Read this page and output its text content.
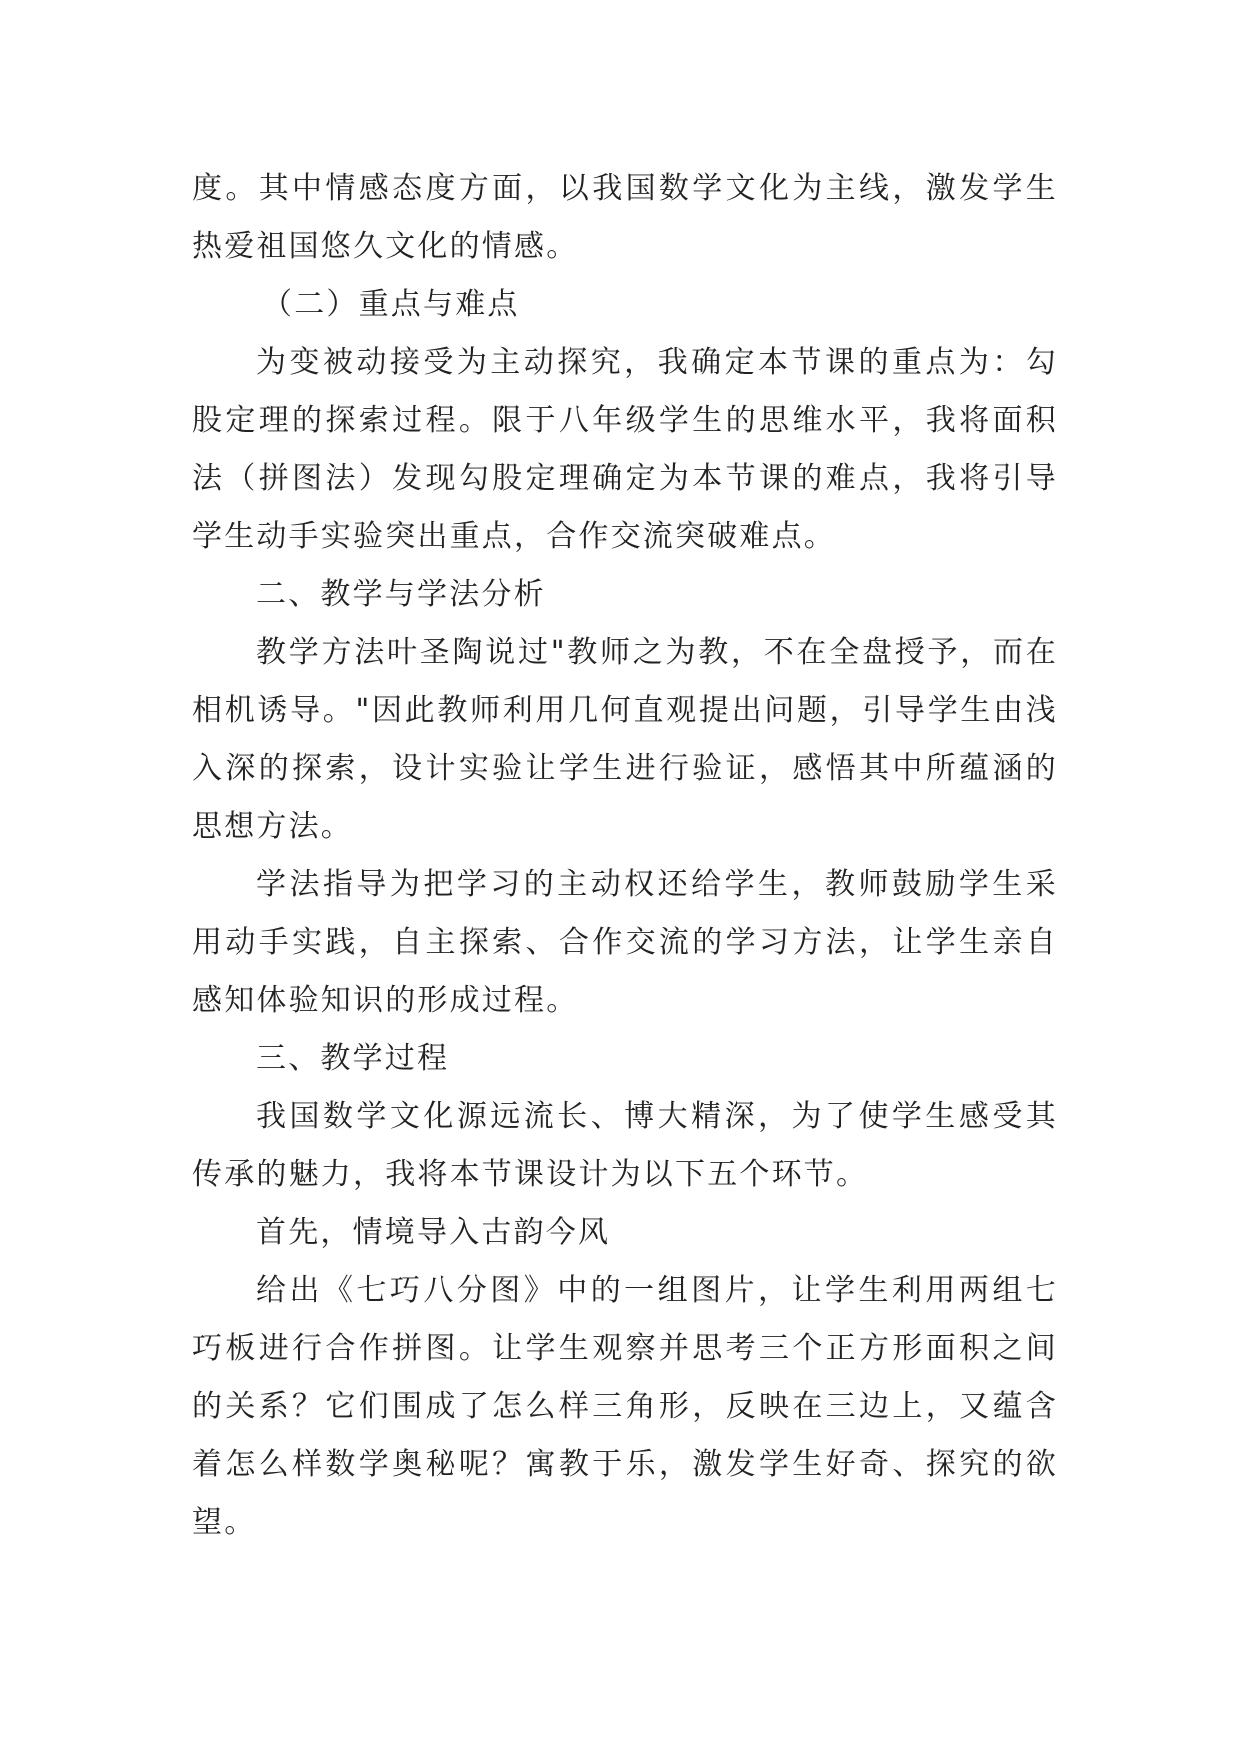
度。其中情感态度方面，以我国数学文化为主线，激发学生热爱祖国悠久文化的情感。

（二）重点与难点

为变被动接受为主动探究，我确定本节课的重点为：勾股定理的探索过程。限于八年级学生的思维水平，我将面积法（拼图法）发现勾股定理确定为本节课的难点，我将引导学生动手实验突出重点，合作交流突破难点。

二、教学与学法分析

教学方法叶圣陶说过"教师之为教，不在全盘授予，而在相机诱导。"因此教师利用几何直观提出问题，引导学生由浅入深的探索，设计实验让学生进行验证，感悟其中所蕴涵的思想方法。

学法指导为把学习的主动权还给学生，教师鼓励学生采用动手实践，自主探索、合作交流的学习方法，让学生亲自感知体验知识的形成过程。

三、教学过程

我国数学文化源远流长、博大精深，为了使学生感受其传承的魅力，我将本节课设计为以下五个环节。

首先，情境导入古韵今风

给出《七巧八分图》中的一组图片，让学生利用两组七巧板进行合作拼图。让学生观察并思考三个正方形面积之间的关系？它们围成了怎么样三角形，反映在三边上，又蕴含着怎么样数学奥秘呢？寓教于乐，激发学生好奇、探究的欲望。
